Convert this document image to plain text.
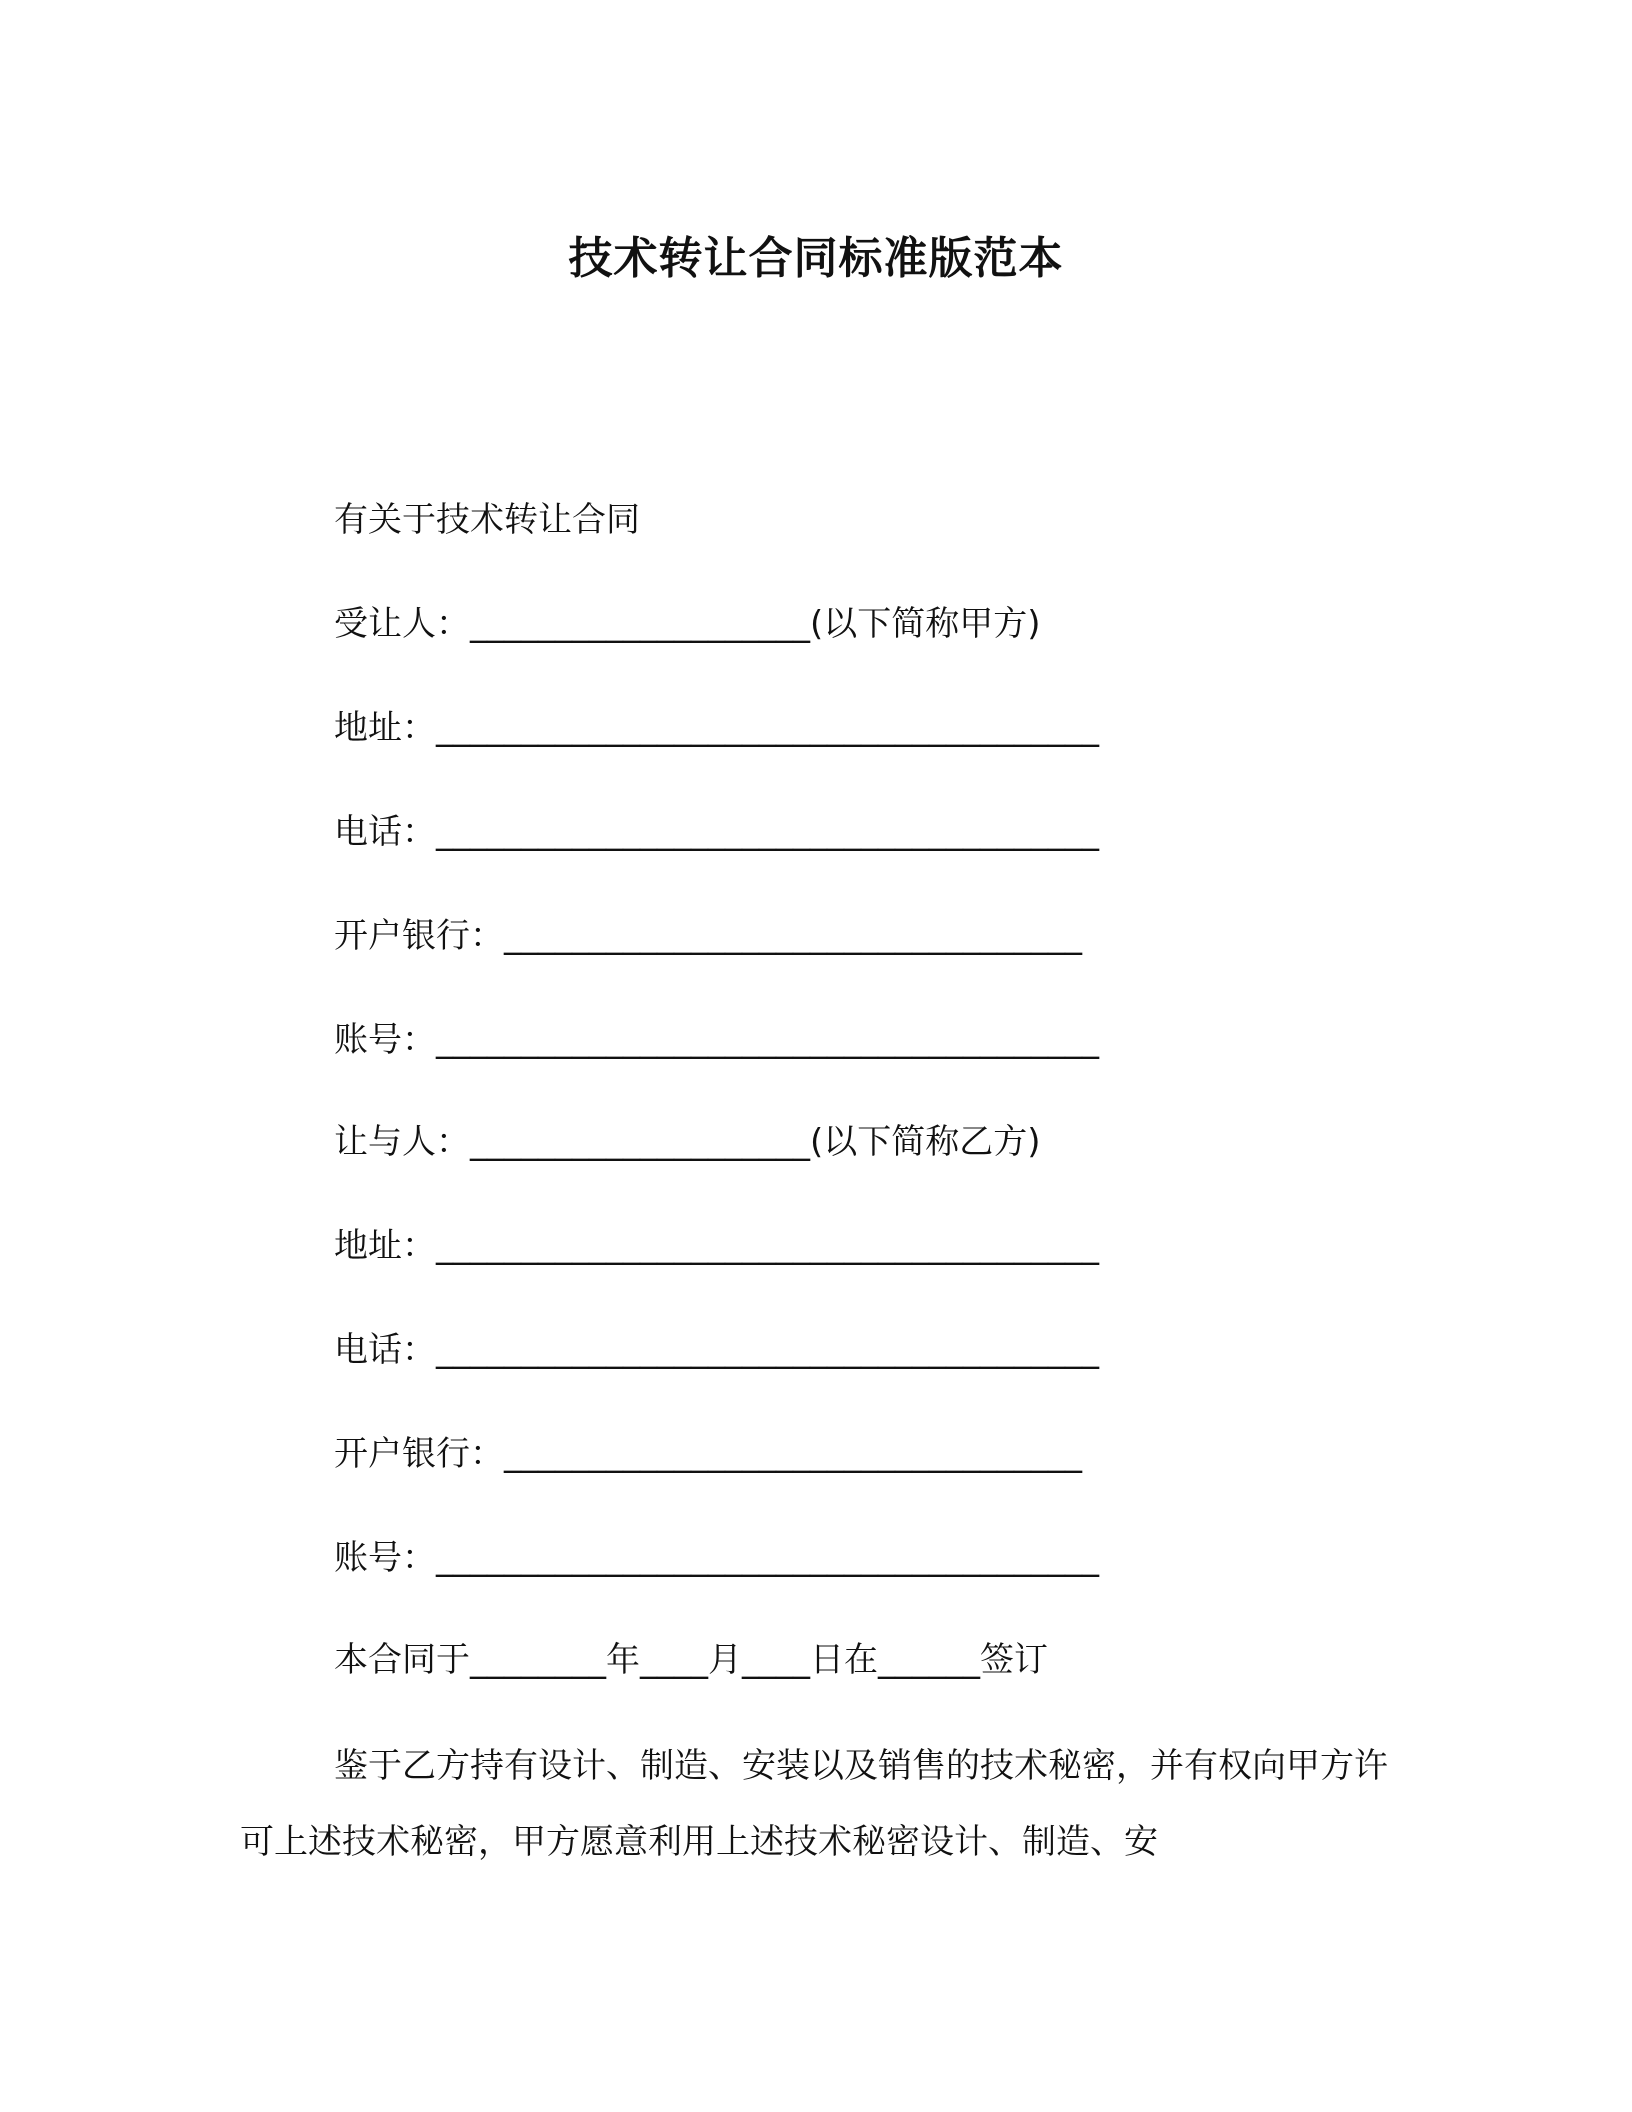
技术转让合同标准版范本
有关于技术转让合同
受让人：____________________(以下简称甲方)
地址：_______________________________________
电话：_______________________________________
开户银行：__________________________________
账号：_______________________________________
让与人：____________________(以下简称乙方)
地址：_______________________________________
电话：_______________________________________
开户银行：__________________________________
账号：_______________________________________
本合同于________年____月____日在______签订
鉴于乙方持有设计、制造、安装以及销售的技术秘密，并有权向甲方许可上述技术秘密，甲方愿意利用上述技术秘密设计、制造、安
